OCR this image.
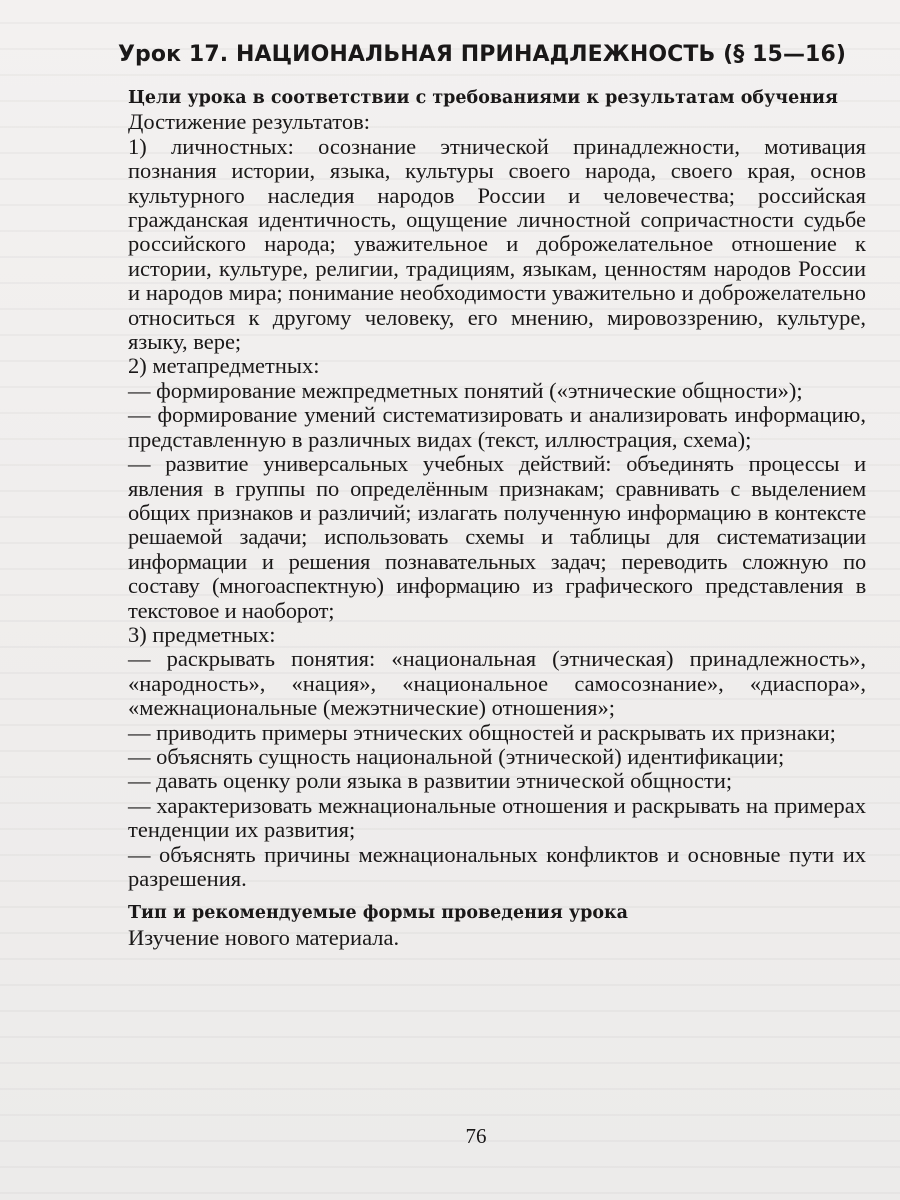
Урок 17. НАЦИОНАЛЬНАЯ ПРИНАДЛЕЖНОСТЬ (§ 15—16)

Цели урока в соответствии с требованиями к результатам обучения

Достижение результатов:

1) личностных: осознание этнической принадлежности, мотивация познания истории, языка, культуры своего народа, своего края, основ культурного наследия народов России и человечества; российская гражданская идентичность, ощущение личностной сопричастности судьбе российского народа; уважительное и доброжелательное отношение к истории, культуре, религии, традициям, языкам, ценностям народов России и народов мира; понимание необходимости уважительно и доброжелательно относиться к другому человеку, его мнению, мировоззрению, культуре, языку, вере;

2) метапредметных:

— формирование межпредметных понятий («этнические общности»);

— формирование умений систематизировать и анализировать информацию, представленную в различных видах (текст, иллюстрация, схема);

— развитие универсальных учебных действий: объединять процессы и явления в группы по определённым признакам; сравнивать с выделением общих признаков и различий; излагать полученную информацию в контексте решаемой задачи; использовать схемы и таблицы для систематизации информации и решения познавательных задач; переводить сложную по составу (многоаспектную) информацию из графического представления в текстовое и наоборот;

3) предметных:

— раскрывать понятия: «национальная (этническая) принадлежность», «народность», «нация», «национальное самосознание», «диаспора», «межнациональные (межэтнические) отношения»;

— приводить примеры этнических общностей и раскрывать их признаки;

— объяснять сущность национальной (этнической) идентификации;

— давать оценку роли языка в развитии этнической общности;

— характеризовать межнациональные отношения и раскрывать на примерах тенденции их развития;

— объяснять причины межнациональных конфликтов и основные пути их разрешения.

Тип и рекомендуемые формы проведения урока

Изучение нового материала.

76
